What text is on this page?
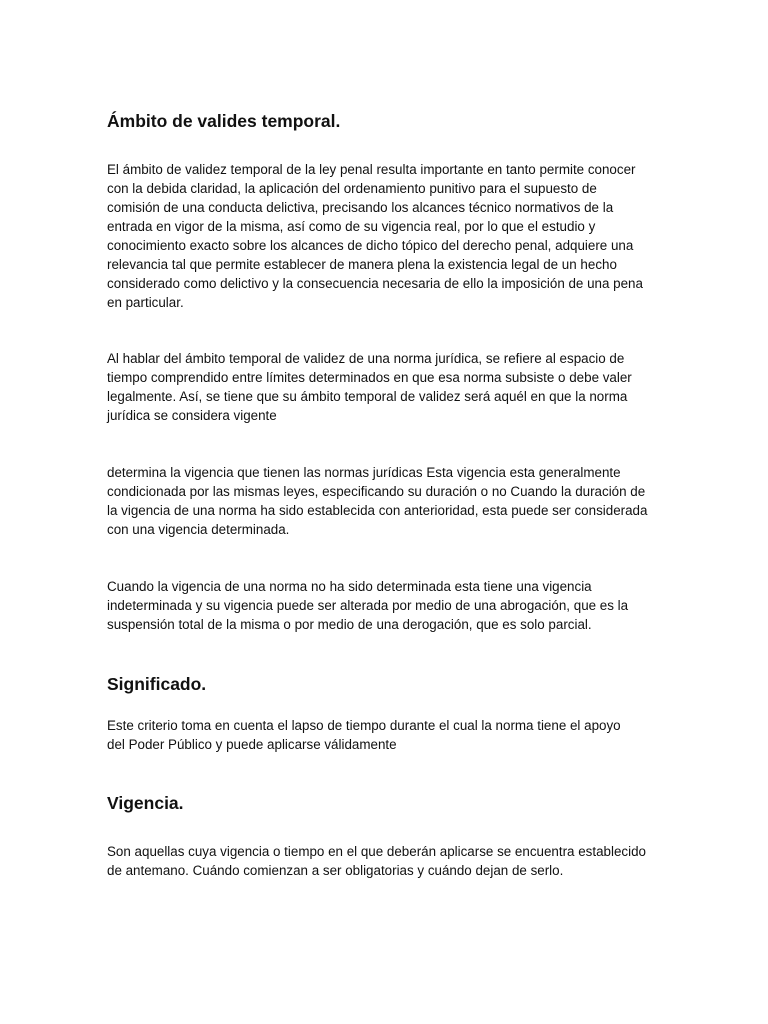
Ámbito de valides temporal.

El ámbito de validez temporal de la ley penal resulta importante en tanto permite conocer
con la debida claridad, la aplicación del ordenamiento punitivo para el supuesto de
comisión de una conducta delictiva, precisando los alcances técnico normativos de la
entrada en vigor de la misma, así como de su vigencia real, por lo que el estudio y
conocimiento exacto sobre los alcances de dicho tópico del derecho penal, adquiere una
relevancia tal que permite establecer de manera plena la existencia legal de un hecho
considerado como delictivo y la consecuencia necesaria de ello la imposición de una pena
en particular.

Al hablar del ámbito temporal de validez de una norma jurídica, se refiere al espacio de
tiempo comprendido entre límites determinados en que esa norma subsiste o debe valer
legalmente. Así, se tiene que su ámbito temporal de validez será aquél en que la norma
jurídica se considera vigente

determina la vigencia que tienen las normas jurídicas Esta vigencia esta generalmente
condicionada por las mismas leyes, especificando su duración o no Cuando la duración de
la vigencia de una norma ha sido establecida con anterioridad, esta puede ser considerada
con una vigencia determinada.

Cuando la vigencia de una norma no ha sido determinada esta tiene una vigencia
indeterminada y su vigencia puede ser alterada por medio de una abrogación, que es la
suspensión total de la misma o por medio de una derogación, que es solo parcial.

Significado.

Este criterio toma en cuenta el lapso de tiempo durante el cual la norma tiene el apoyo
del Poder Público y puede aplicarse válidamente

Vigencia.

Son aquellas cuya vigencia o tiempo en el que deberán aplicarse se encuentra establecido
de antemano. Cuándo comienzan a ser obligatorias y cuándo dejan de serlo.
